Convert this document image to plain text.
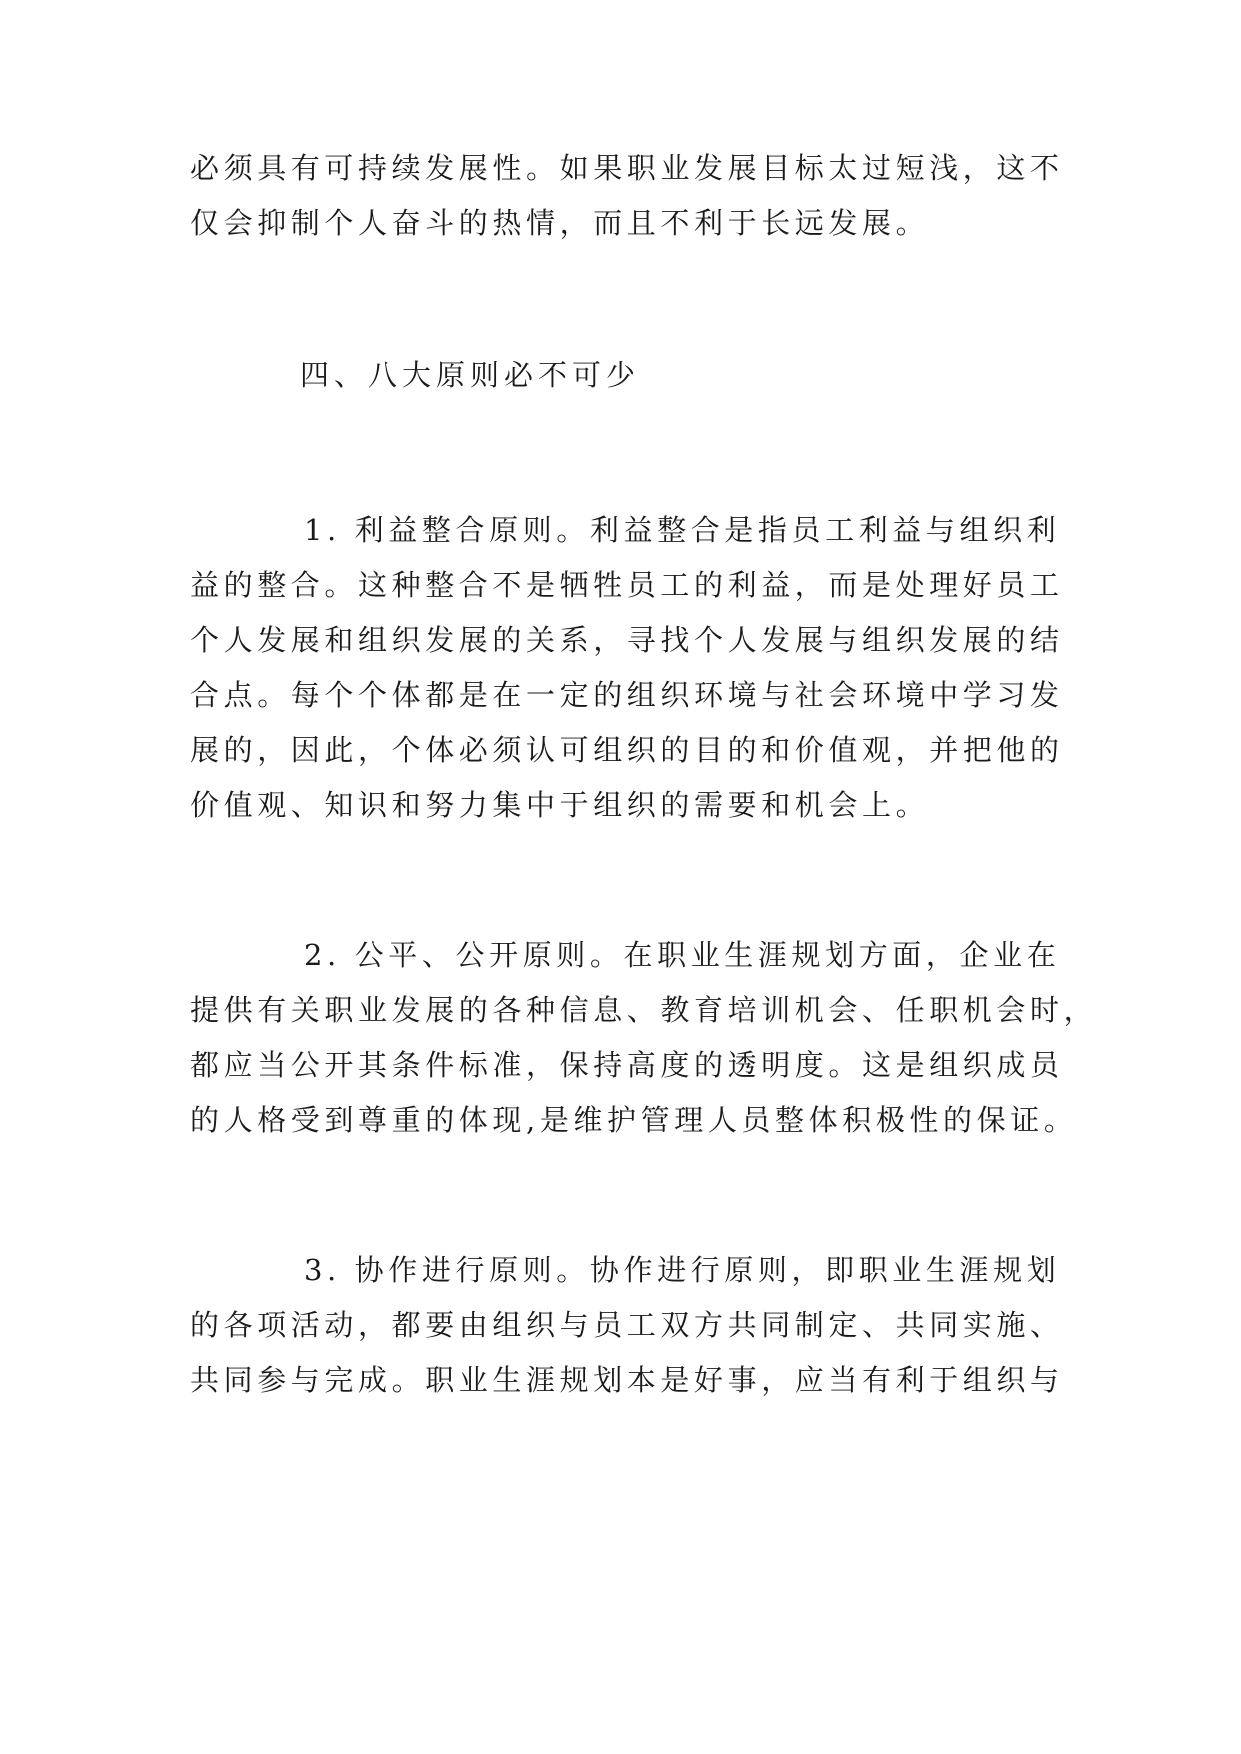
必须具有可持续发展性。如果职业发展目标太过短浅，这不
仅会抑制个人奋斗的热情，而且不利于长远发展。
四、八大原则必不可少
1. 利益整合原则。利益整合是指员工利益与组织利
益的整合。这种整合不是牺牲员工的利益，而是处理好员工
个人发展和组织发展的关系，寻找个人发展与组织发展的结
合点。每个个体都是在一定的组织环境与社会环境中学习发
展的，因此，个体必须认可组织的目的和价值观，并把他的
价值观、知识和努力集中于组织的需要和机会上。
2. 公平、公开原则。在职业生涯规划方面，企业在
提供有关职业发展的各种信息、教育培训机会、任职机会时，
都应当公开其条件标准，保持高度的透明度。这是组织成员
的人格受到尊重的体现,是维护管理人员整体积极性的保证。
3. 协作进行原则。协作进行原则，即职业生涯规划
的各项活动，都要由组织与员工双方共同制定、共同实施、
共同参与完成。职业生涯规划本是好事，应当有利于组织与
